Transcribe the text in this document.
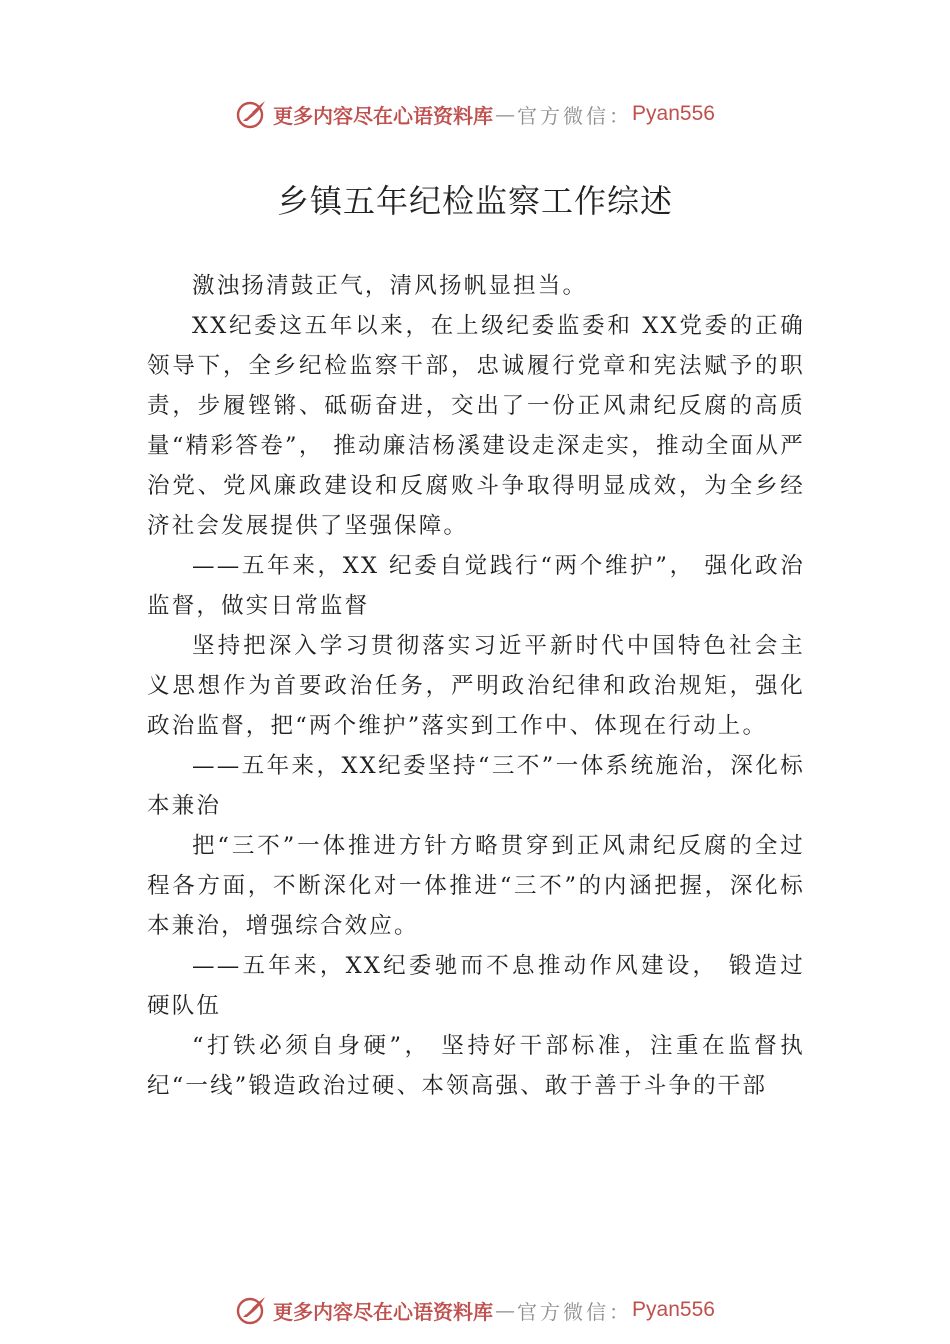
更多内容尽在心语资料库 — 官方微信： Pyan556
乡镇五年纪检监察工作综述

激浊扬清鼓正气，清风扬帆显担当。

XX纪委这五年以来，在上级纪委监委和 XX党委的正确领导下，全乡纪检监察干部，忠诚履行党章和宪法赋予的职责，步履铿锵、砥砺奋进，交出了一份正风肃纪反腐的高质量“精彩答卷”， 推动廉洁杨溪建设走深走实，推动全面从严治党、党风廉政建设和反腐败斗争取得明显成效，为全乡经济社会发展提供了坚强保障。

——五年来，XX 纪委自觉践行“两个维护”， 强化政治监督，做实日常监督

坚持把深入学习贯彻落实习近平新时代中国特色社会主义思想作为首要政治任务，严明政治纪律和政治规矩，强化政治监督，把“两个维护”落实到工作中、体现在行动上。

——五年来，XX纪委坚持“三不”一体系统施治，深化标本兼治

把“三不”一体推进方针方略贯穿到正风肃纪反腐的全过程各方面，不断深化对一体推进“三不”的内涵把握，深化标本兼治，增强综合效应。

——五年来，XX纪委驰而不息推动作风建设， 锻造过硬队伍

“打铁必须自身硬”， 坚持好干部标准，注重在监督执纪“一线”锻造政治过硬、本领高强、敢于善于斗争的干部

更多内容尽在心语资料库 — 官方微信： Pyan556
